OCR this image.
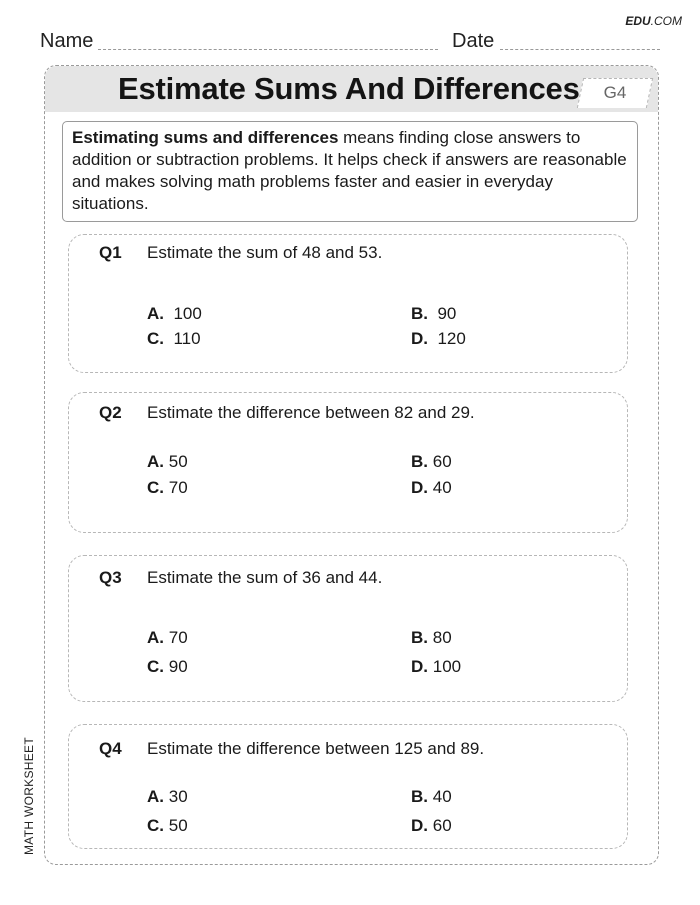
EDU.COM
Name	Date
Estimate Sums And Differences	G4
Estimating sums and differences means finding close answers to addition or subtraction problems. It helps check if answers are reasonable and makes solving math problems faster and easier in everyday situations.
Q1 Estimate the sum of 48 and 53.
A. 100	B. 90
C. 110	D. 120
Q2 Estimate the difference between 82 and 29.
A. 50	B. 60
C. 70	D. 40
Q3 Estimate the sum of 36 and 44.
A. 70	B. 80
C. 90	D. 100
Q4 Estimate the difference between 125 and 89.
A. 30	B. 40
C. 50	D. 60
MATH WORKSHEET
